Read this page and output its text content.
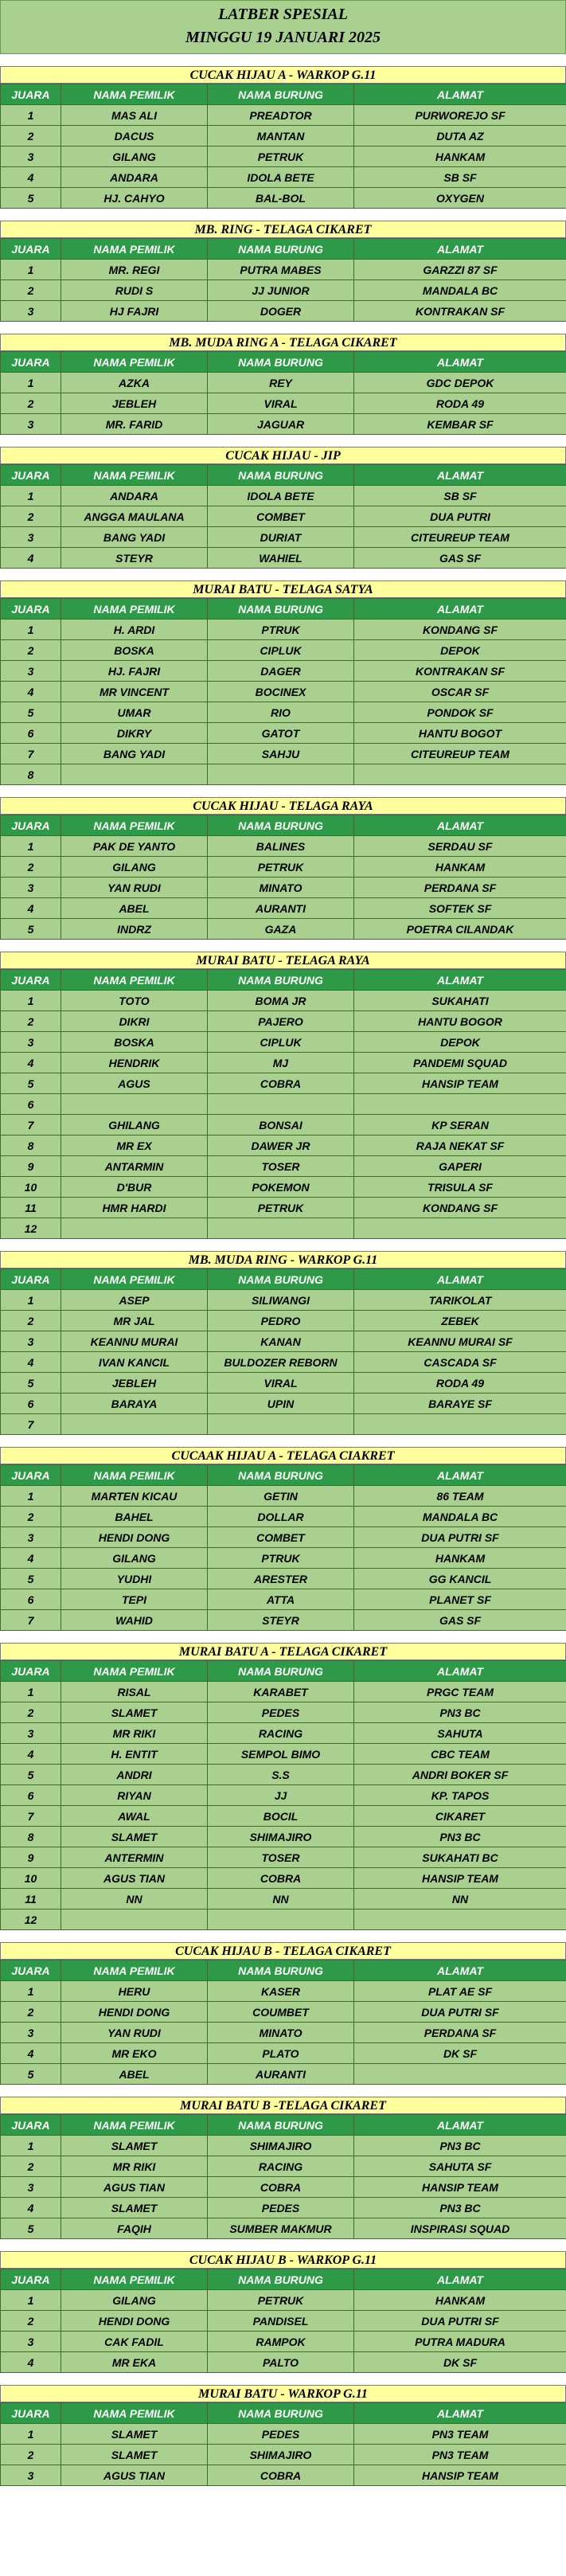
LATBER SPESIAL
MINGGU 19 JANUARI 2025
CUCAK HIJAU A - WARKOP G.11
JUARA	NAMA PEMILIK	NAMA BURUNG	ALAMAT
1	MAS ALI	PREADTOR	PURWOREJO SF
2	DACUS	MANTAN	DUTA AZ
3	GILANG	PETRUK	HANKAM
4	ANDARA	IDOLA BETE	SB SF
5	HJ. CAHYO	BAL-BOL	OXYGEN
MB. RING - TELAGA CIKARET
JUARA	NAMA PEMILIK	NAMA BURUNG	ALAMAT
1	MR. REGI	PUTRA MABES	GARZZI 87 SF
2	RUDI S	JJ JUNIOR	MANDALA BC
3	HJ FAJRI	DOGER	KONTRAKAN SF
MB. MUDA RING A - TELAGA CIKARET
JUARA	NAMA PEMILIK	NAMA BURUNG	ALAMAT
1	AZKA	REY	GDC DEPOK
2	JEBLEH	VIRAL	RODA 49
3	MR. FARID	JAGUAR	KEMBAR SF
CUCAK HIJAU - JIP
JUARA	NAMA PEMILIK	NAMA BURUNG	ALAMAT
1	ANDARA	IDOLA BETE	SB SF
2	ANGGA MAULANA	COMBET	DUA PUTRI
3	BANG YADI	DURIAT	CITEUREUP TEAM
4	STEYR	WAHIEL	GAS SF
MURAI BATU - TELAGA SATYA
JUARA	NAMA PEMILIK	NAMA BURUNG	ALAMAT
1	H. ARDI	PTRUK	KONDANG SF
2	BOSKA	CIPLUK	DEPOK
3	HJ. FAJRI	DAGER	KONTRAKAN SF
4	MR VINCENT	BOCINEX	OSCAR SF
5	UMAR	RIO	PONDOK SF
6	DIKRY	GATOT	HANTU BOGOT
7	BANG YADI	SAHJU	CITEUREUP TEAM
8			
CUCAK HIJAU - TELAGA RAYA
JUARA	NAMA PEMILIK	NAMA BURUNG	ALAMAT
1	PAK DE YANTO	BALINES	SERDAU SF
2	GILANG	PETRUK	HANKAM
3	YAN RUDI	MINATO	PERDANA SF
4	ABEL	AURANTI	SOFTEK SF
5	INDRZ	GAZA	POETRA CILANDAK
MURAI BATU - TELAGA RAYA
JUARA	NAMA PEMILIK	NAMA BURUNG	ALAMAT
1	TOTO	BOMA JR	SUKAHATI
2	DIKRI	PAJERO	HANTU BOGOR
3	BOSKA	CIPLUK	DEPOK
4	HENDRIK	MJ	PANDEMI SQUAD
5	AGUS	COBRA	HANSIP TEAM
6			
7	GHILANG	BONSAI	KP SERAN
8	MR EX	DAWER JR	RAJA NEKAT SF
9	ANTARMIN	TOSER	GAPERI
10	D'BUR	POKEMON	TRISULA SF
11	HMR HARDI	PETRUK	KONDANG SF
12			
MB. MUDA RING - WARKOP G.11
JUARA	NAMA PEMILIK	NAMA BURUNG	ALAMAT
1	ASEP	SILIWANGI	TARIKOLAT
2	MR JAL	PEDRO	ZEBEK
3	KEANNU MURAI	KANAN	KEANNU MURAI SF
4	IVAN KANCIL	BULDOZER REBORN	CASCADA SF
5	JEBLEH	VIRAL	RODA 49
6	BARAYA	UPIN	BARAYE SF
7			
CUCAAK HIJAU A - TELAGA CIAKRET
JUARA	NAMA PEMILIK	NAMA BURUNG	ALAMAT
1	MARTEN KICAU	GETIN	86 TEAM
2	BAHEL	DOLLAR	MANDALA BC
3	HENDI DONG	COMBET	DUA PUTRI SF
4	GILANG	PTRUK	HANKAM
5	YUDHI	ARESTER	GG KANCIL
6	TEPI	ATTA	PLANET SF
7	WAHID	STEYR	GAS SF
MURAI BATU A - TELAGA CIKARET
JUARA	NAMA PEMILIK	NAMA BURUNG	ALAMAT
1	RISAL	KARABET	PRGC TEAM
2	SLAMET	PEDES	PN3 BC
3	MR RIKI	RACING	SAHUTA
4	H. ENTIT	SEMPOL BIMO	CBC TEAM
5	ANDRI	S.S	ANDRI BOKER SF
6	RIYAN	JJ	KP. TAPOS
7	AWAL	BOCIL	CIKARET
8	SLAMET	SHIMAJIRO	PN3 BC
9	ANTERMIN	TOSER	SUKAHATI BC
10	AGUS TIAN	COBRA	HANSIP TEAM
11	NN	NN	NN
12			
CUCAK HIJAU B - TELAGA CIKARET
JUARA	NAMA PEMILIK	NAMA BURUNG	ALAMAT
1	HERU	KASER	PLAT AE SF
2	HENDI DONG	COUMBET	DUA PUTRI SF
3	YAN RUDI	MINATO	PERDANA SF
4	MR EKO	PLATO	DK SF
5	ABEL	AURANTI	
MURAI BATU B -TELAGA CIKARET
JUARA	NAMA PEMILIK	NAMA BURUNG	ALAMAT
1	SLAMET	SHIMAJIRO	PN3 BC
2	MR RIKI	RACING	SAHUTA SF
3	AGUS TIAN	COBRA	HANSIP TEAM
4	SLAMET	PEDES	PN3 BC
5	FAQIH	SUMBER MAKMUR	INSPIRASI SQUAD
CUCAK HIJAU B - WARKOP G.11
JUARA	NAMA PEMILIK	NAMA BURUNG	ALAMAT
1	GILANG	PETRUK	HANKAM
2	HENDI DONG	PANDISEL	DUA PUTRI SF
3	CAK FADIL	RAMPOK	PUTRA MADURA
4	MR EKA	PALTO	DK SF
MURAI BATU - WARKOP G.11
JUARA	NAMA PEMILIK	NAMA BURUNG	ALAMAT
1	SLAMET	PEDES	PN3 TEAM
2	SLAMET	SHIMAJIRO	PN3 TEAM
3	AGUS TIAN	COBRA	HANSIP TEAM
